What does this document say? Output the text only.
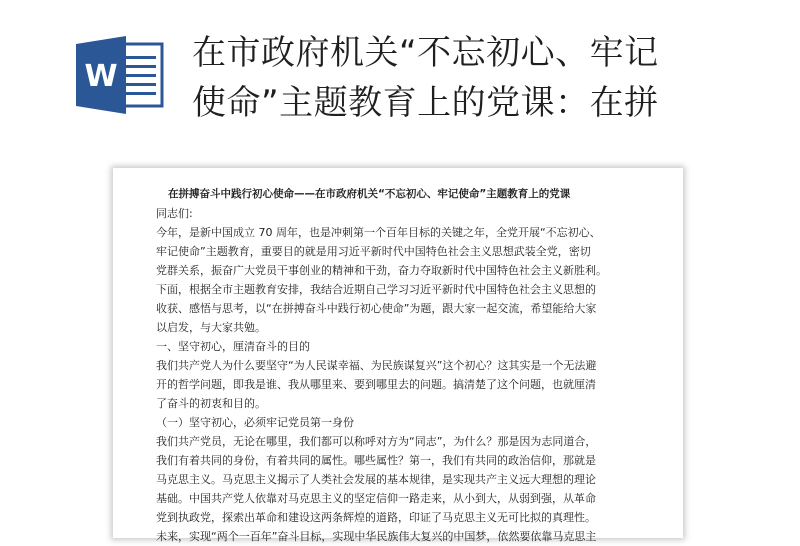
W
在市政府机关“不忘初心、牢记
使命”主题教育上的党课：在拼
在拼搏奋斗中践行初心使命——在市政府机关“不忘初心、牢记使命”主题教育上的党课
同志们:
今年，是新中国成立 70 周年，也是冲刺第一个百年目标的关键之年，全党开展“不忘初心、
牢记使命”主题教育，重要目的就是用习近平新时代中国特色社会主义思想武装全党，密切
党群关系，振奋广大党员干事创业的精神和干劲，奋力夺取新时代中国特色社会主义新胜利。
下面，根据全市主题教育安排，我结合近期自己学习习近平新时代中国特色社会主义思想的
收获、感悟与思考，以“在拼搏奋斗中践行初心使命”为题，跟大家一起交流，希望能给大家
以启发，与大家共勉。
一、坚守初心，厘清奋斗的目的
我们共产党人为什么要坚守“为人民谋幸福、为民族谋复兴”这个初心？这其实是一个无法避
开的哲学问题，即我是谁、我从哪里来、要到哪里去的问题。搞清楚了这个问题，也就厘清
了奋斗的初衷和目的。
（一）坚守初心，必须牢记党员第一身份
我们共产党员，无论在哪里，我们都可以称呼对方为“同志”，为什么？那是因为志同道合，
我们有着共同的身份，有着共同的属性。哪些属性？第一，我们有共同的政治信仰，那就是
马克思主义。马克思主义揭示了人类社会发展的基本规律，是实现共产主义远大理想的理论
基础。中国共产党人依靠对马克思主义的坚定信仰一路走来，从小到大，从弱到强，从革命
党到执政党，探索出革命和建设这两条辉煌的道路，印证了马克思主义无可比拟的真理性。
未来，实现“两个一百年”奋斗目标，实现中华民族伟大复兴的中国梦，依然要依靠马克思主
